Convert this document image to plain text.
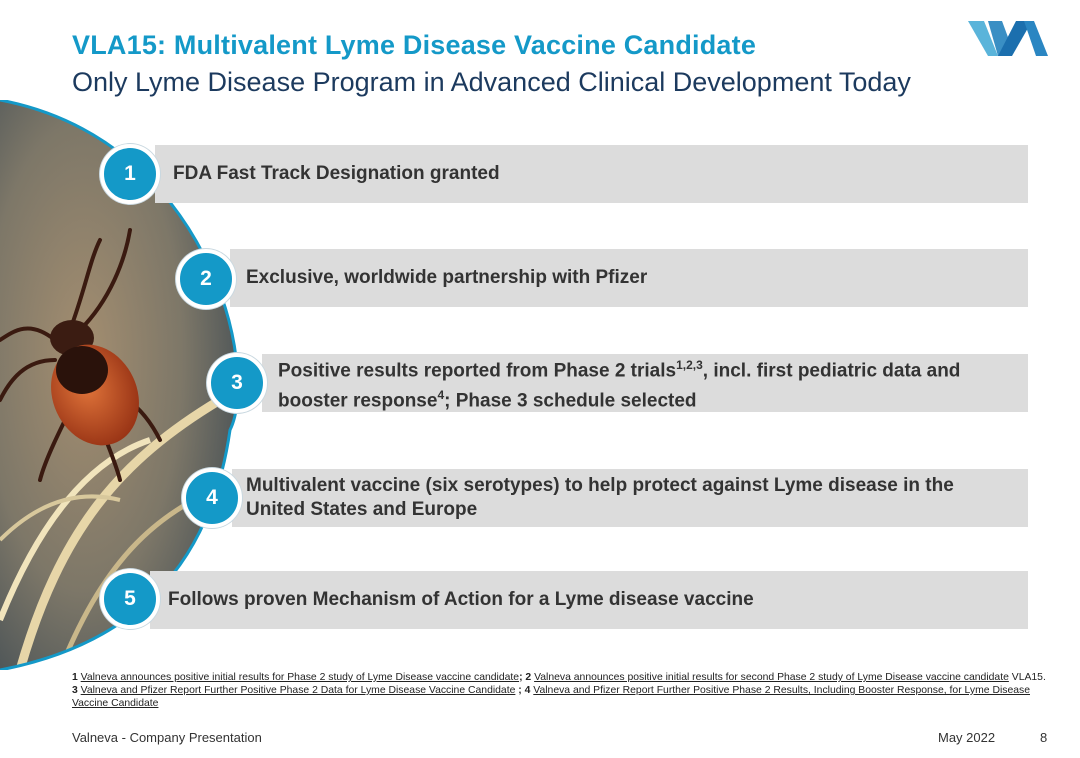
VLA15: Multivalent Lyme Disease Vaccine Candidate
Only Lyme Disease Program in Advanced Clinical Development Today
FDA Fast Track Designation granted
1
Exclusive, worldwide partnership with Pfizer
2
Positive results reported from Phase 2 trials$^{1,2,3}$, incl. first pediatric data and booster response$^4$; Phase 3 schedule selected
3
Multivalent vaccine (six serotypes) to help protect against Lyme disease in the United States and Europe
4
Follows proven Mechanism of Action for a Lyme disease vaccine
5
1 Valneva announces positive initial results for Phase 2 study of Lyme Disease vaccine candidate; 2 Valneva announces positive initial results for second Phase 2 study of Lyme Disease vaccine candidate VLA15. 3 Valneva and Pfizer Report Further Positive Phase 2 Data for Lyme Disease Vaccine Candidate ; 4 Valneva and Pfizer Report Further Positive Phase 2 Results, Including Booster Response, for Lyme Disease Vaccine Candidate
Valneva - Company Presentation	May 2022	8
